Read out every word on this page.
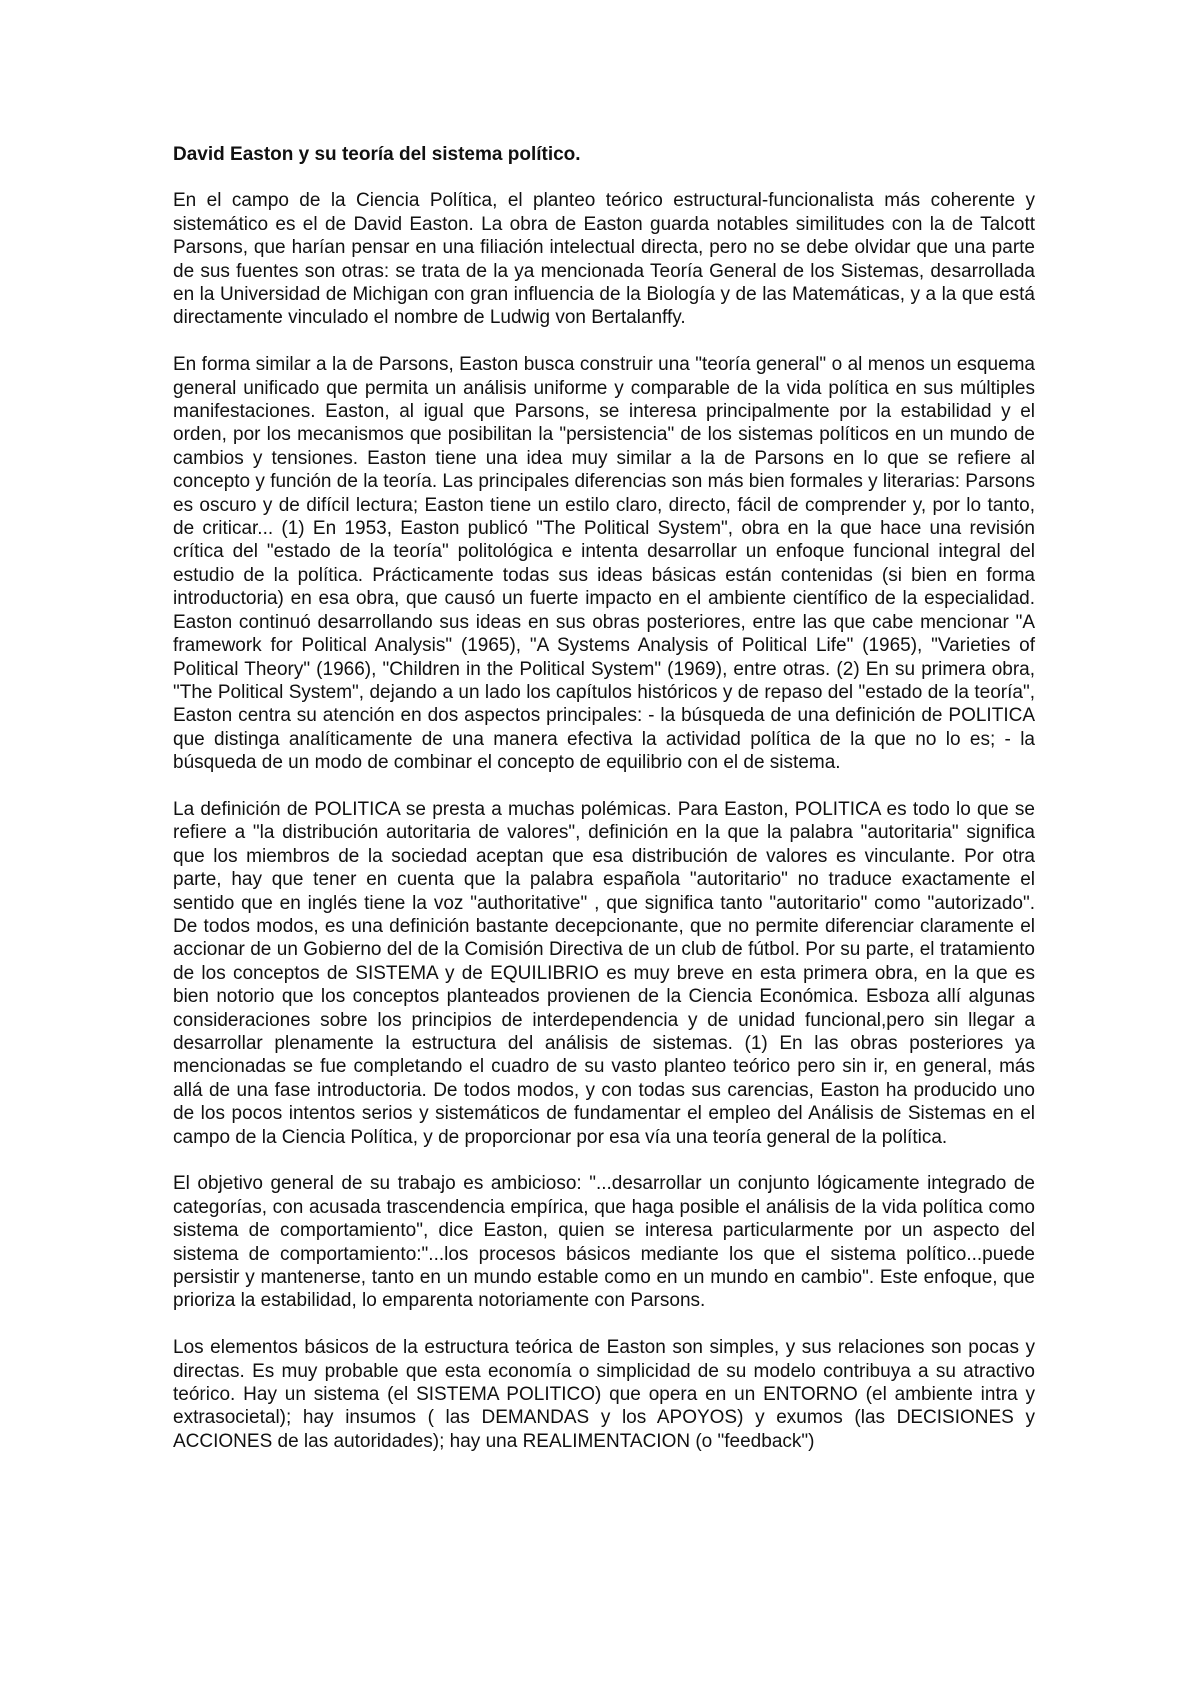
David Easton y su teoría del sistema político.

En el campo de la Ciencia Política, el planteo teórico estructural-funcionalista más coherente y sistemático es el de David Easton. La obra de Easton guarda notables similitudes con la de Talcott Parsons, que harían pensar en una filiación intelectual directa, pero no se debe olvidar que una parte de sus fuentes son otras: se trata de la ya mencionada Teoría General de los Sistemas, desarrollada en la Universidad de Michigan con gran influencia de la Biología y de las Matemáticas, y a la que está directamente vinculado el nombre de Ludwig von Bertalanffy.

En forma similar a la de Parsons, Easton busca construir una "teoría general" o al menos un esquema general unificado que permita un análisis uniforme y comparable de la vida política en sus múltiples manifestaciones. Easton, al igual que Parsons, se interesa principalmente por la estabilidad y el orden, por los mecanismos que posibilitan la "persistencia" de los sistemas políticos en un mundo de cambios y tensiones. Easton tiene una idea muy similar a la de Parsons en lo que se refiere al concepto y función de la teoría. Las principales diferencias son más bien formales y literarias: Parsons es oscuro y de difícil lectura; Easton tiene un estilo claro, directo, fácil de comprender y, por lo tanto, de criticar... (1) En 1953, Easton publicó "The Political System", obra en la que hace una revisión crítica del "estado de la teoría" politológica e intenta desarrollar un enfoque funcional integral del estudio de la política. Prácticamente todas sus ideas básicas están contenidas (si bien en forma introductoria) en esa obra, que causó un fuerte impacto en el ambiente científico de la especialidad. Easton continuó desarrollando sus ideas en sus obras posteriores, entre las que cabe mencionar "A framework for Political Analysis" (1965), "A Systems Analysis of Political Life" (1965), "Varieties of Political Theory" (1966), "Children in the Political System" (1969), entre otras. (2) En su primera obra, "The Political System", dejando a un lado los capítulos históricos y de repaso del "estado de la teoría", Easton centra su atención en dos aspectos principales: - la búsqueda de una definición de POLITICA que distinga analíticamente de una manera efectiva la actividad política de la que no lo es; - la búsqueda de un modo de combinar el concepto de equilibrio con el de sistema.

La definición de POLITICA se presta a muchas polémicas. Para Easton, POLITICA es todo lo que se refiere a "la distribución autoritaria de valores", definición en la que la palabra "autoritaria" significa que los miembros de la sociedad aceptan que esa distribución de valores es vinculante. Por otra parte, hay que tener en cuenta que la palabra española "autoritario" no traduce exactamente el sentido que en inglés tiene la voz "authoritative" , que significa tanto "autoritario" como "autorizado". De todos modos, es una definición bastante decepcionante, que no permite diferenciar claramente el accionar de un Gobierno del de la Comisión Directiva de un club de fútbol. Por su parte, el tratamiento de los conceptos de SISTEMA y de EQUILIBRIO es muy breve en esta primera obra, en la que es bien notorio que los conceptos planteados provienen de la Ciencia Económica. Esboza allí algunas consideraciones sobre los principios de interdependencia y de unidad funcional,pero sin llegar a desarrollar plenamente la estructura del análisis de sistemas. (1) En las obras posteriores ya mencionadas se fue completando el cuadro de su vasto planteo teórico pero sin ir, en general, más allá de una fase introductoria. De todos modos, y con todas sus carencias, Easton ha producido uno de los pocos intentos serios y sistemáticos de fundamentar el empleo del Análisis de Sistemas en el campo de la Ciencia Política, y de proporcionar por esa vía una teoría general de la política.

El objetivo general de su trabajo es ambicioso: "...desarrollar un conjunto lógicamente integrado de categorías, con acusada trascendencia empírica, que haga posible el análisis de la vida política como sistema de comportamiento", dice Easton, quien se interesa particularmente por un aspecto del sistema de comportamiento:"...los procesos básicos mediante los que el sistema político...puede persistir y mantenerse, tanto en un mundo estable como en un mundo en cambio". Este enfoque, que prioriza la estabilidad, lo emparenta notoriamente con Parsons.

Los elementos básicos de la estructura teórica de Easton son simples, y sus relaciones son pocas y directas. Es muy probable que esta economía o simplicidad de su modelo contribuya a su atractivo teórico. Hay un sistema (el SISTEMA POLITICO) que opera en un ENTORNO (el ambiente intra y extrasocietal); hay insumos ( las DEMANDAS y los APOYOS) y exumos (las DECISIONES y ACCIONES de las autoridades); hay una REALIMENTACION (o "feedback")
